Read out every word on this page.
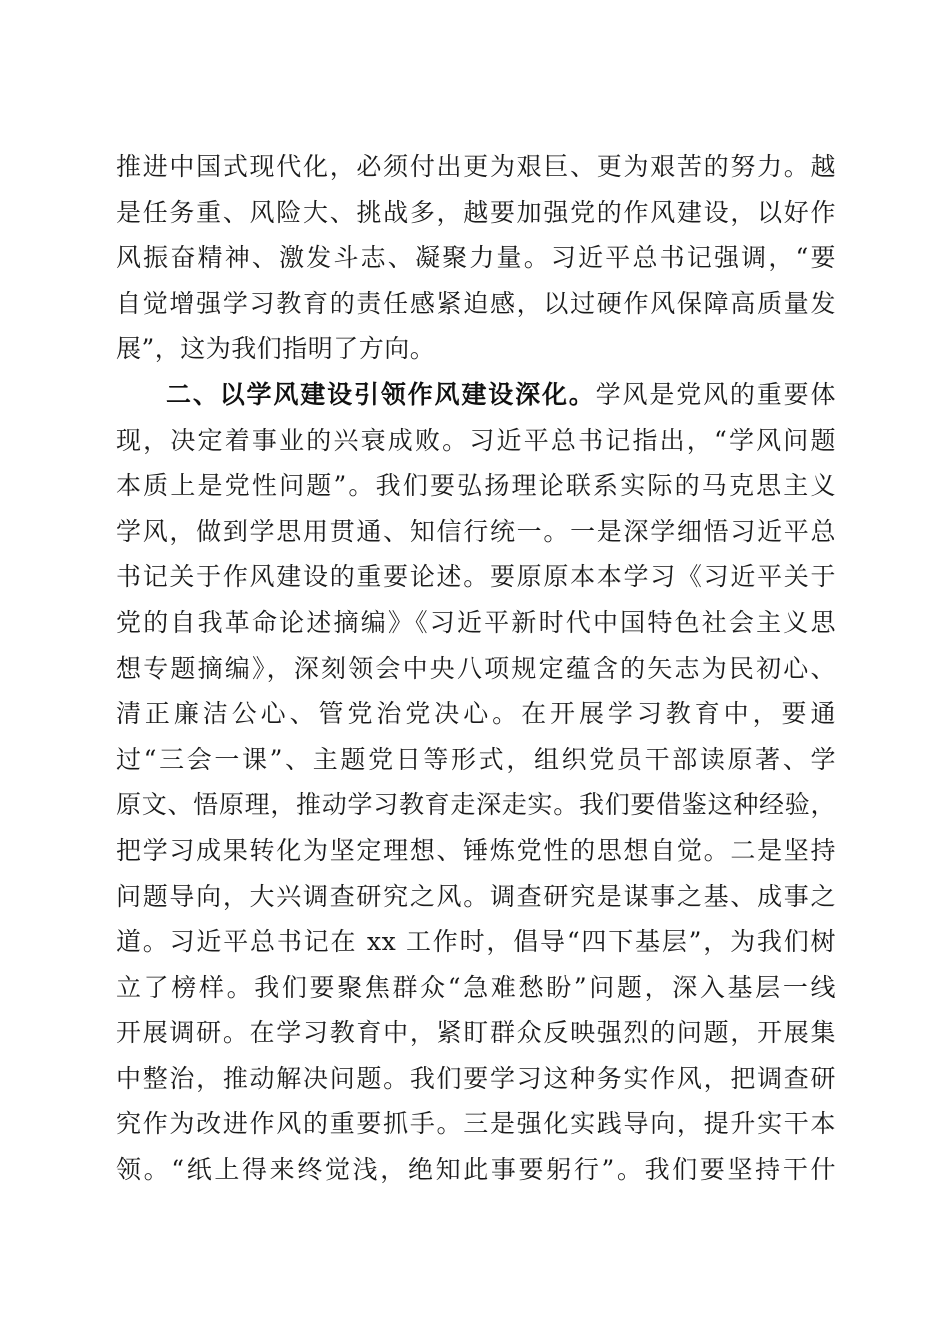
推进中国式现代化，必须付出更为艰巨、更为艰苦的努力。越
是任务重、风险大、挑战多，越要加强党的作风建设，以好作
风振奋精神、激发斗志、凝聚力量。习近平总书记强调，“要
自觉增强学习教育的责任感紧迫感，以过硬作风保障高质量发
展”，这为我们指明了方向。
二、以学风建设引领作风建设深化。学风是党风的重要体
现，决定着事业的兴衰成败。习近平总书记指出，“学风问题
本质上是党性问题”。我们要弘扬理论联系实际的马克思主义
学风，做到学思用贯通、知信行统一。一是深学细悟习近平总
书记关于作风建设的重要论述。要原原本本学习《习近平关于
党的自我革命论述摘编》《习近平新时代中国特色社会主义思
想专题摘编》，深刻领会中央八项规定蕴含的矢志为民初心、
清正廉洁公心、管党治党决心。在开展学习教育中，要通
过“三会一课”、主题党日等形式，组织党员干部读原著、学
原文、悟原理，推动学习教育走深走实。我们要借鉴这种经验，
把学习成果转化为坚定理想、锤炼党性的思想自觉。二是坚持
问题导向，大兴调查研究之风。调查研究是谋事之基、成事之
道。习近平总书记在 xx 工作时，倡导“四下基层”，为我们树
立了榜样。我们要聚焦群众“急难愁盼”问题，深入基层一线
开展调研。在学习教育中，紧盯群众反映强烈的问题，开展集
中整治，推动解决问题。我们要学习这种务实作风，把调查研
究作为改进作风的重要抓手。三是强化实践导向，提升实干本
领。“纸上得来终觉浅，绝知此事要躬行”。我们要坚持干什
